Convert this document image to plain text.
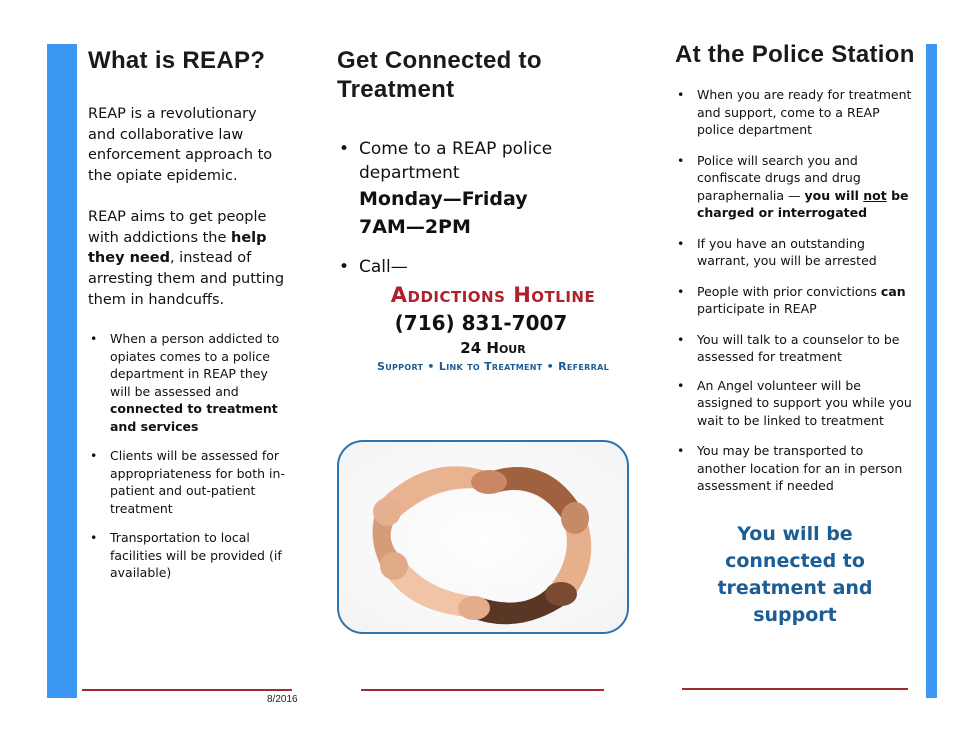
What is REAP?

REAP is a revolutionary and collaborative law enforcement approach to the opiate epidemic.

REAP aims to get people with addictions the help they need, instead of arresting them and putting them in handcuffs.

• When a person addicted to opiates comes to a police department in REAP they will be assessed and connected to treatment and services
• Clients will be assessed for appropriateness for both in-patient and out-patient treatment
• Transportation to local facilities will be provided (if available)
Get Connected to Treatment
• Come to a REAP police department
Monday—Friday
7AM—2PM
• Call—
Addictions Hotline
(716) 831-7007
24 Hour
Support • Link to Treatment • Referral
At the Police Station
• When you are ready for treatment and support, come to a REAP police department
• Police will search you and confiscate drugs and drug paraphernalia — you will not be charged or interrogated
• If you have an outstanding warrant, you will be arrested
• People with prior convictions can participate in REAP
• You will talk to a counselor to be assessed for treatment
• An Angel volunteer will be assigned to support you while you wait to be linked to treatment
• You may be transported to another location for an in person assessment if needed

You will be connected to treatment and support

8/2016
